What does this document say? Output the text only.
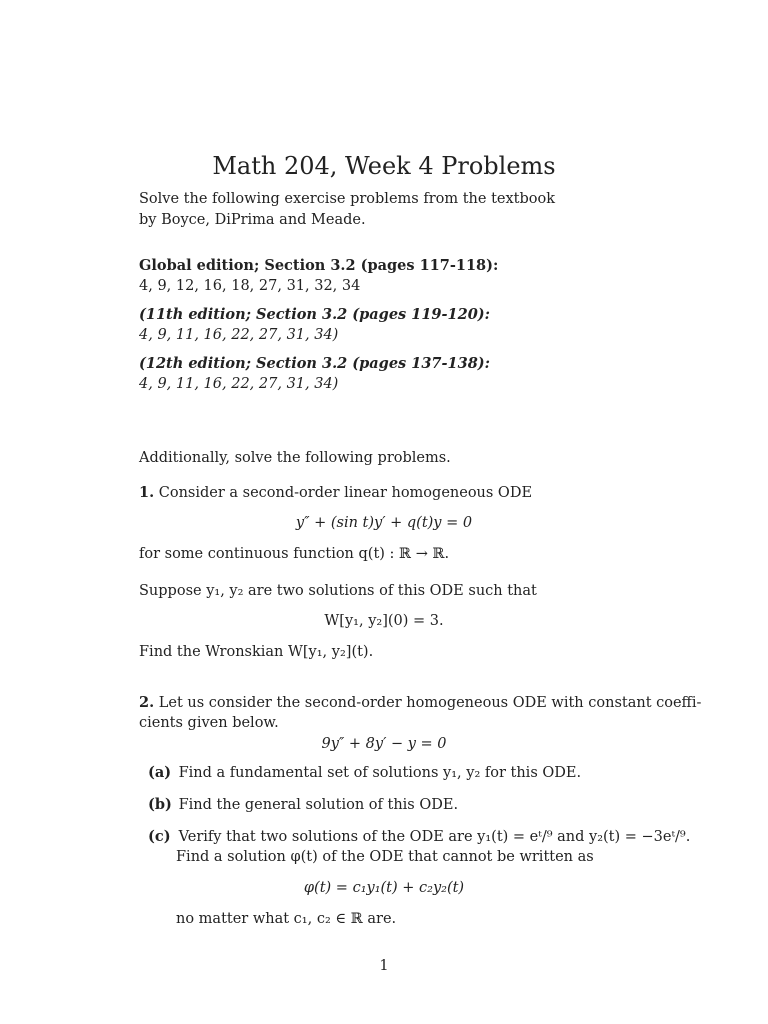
Math 204, Week 4 Problems
Solve the following exercise problems from the textbook
by Boyce, DiPrima and Meade.
Global edition; Section 3.2 (pages 117-118):
4, 9, 12, 16, 18, 27, 31, 32, 34
(11th edition; Section 3.2 (pages 119-120):
4, 9, 11, 16, 22, 27, 31, 34)
(12th edition; Section 3.2 (pages 137-138):
4, 9, 11, 16, 22, 27, 31, 34)
Additionally, solve the following problems.
1. Consider a second-order linear homogeneous ODE
y″ + (sin t)y′ + q(t)y = 0
for some continuous function q(t) : ℝ → ℝ.
Suppose y₁, y₂ are two solutions of this ODE such that
W[y₁, y₂](0) = 3.
Find the Wronskian W[y₁, y₂](t).
2. Let us consider the second-order homogeneous ODE with constant coeffi-
cients given below.
9y″ + 8y′ − y = 0
(a) Find a fundamental set of solutions y₁, y₂ for this ODE.
(b) Find the general solution of this ODE.
(c) Verify that two solutions of the ODE are y₁(t) = eᵗ/⁹ and y₂(t) = −3eᵗ/⁹.
Find a solution φ(t) of the ODE that cannot be written as
φ(t) = c₁y₁(t) + c₂y₂(t)
no matter what c₁, c₂ ∈ ℝ are.
1
